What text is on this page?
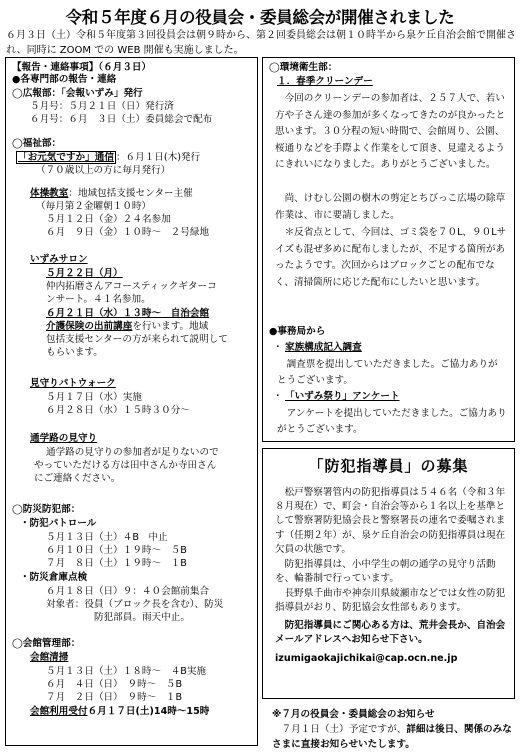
令和５年度６月の役員会・委員総会が開催されました
６月３日（土）令和５年度第３回役員会は朝９時から、第２回委員総会は朝１０時半から泉ケ丘自治会館で開催され、同時に ZOOM での WEB 開催も実施しました。
【報告・連絡事項】（６月３日）
●各専門部の報告・連絡
◯広報部：「会報いずみ」発行
５月号：５月２１日（日）発行済
６月号：６月　３日（土）委員総会で配布
◯福祉部：
「お元気ですか」通信 ：６月１日(木)発行
（７０歳以上の方に毎月発行）
体操教室：地域包括支援センター主催
（毎月第２金曜朝１０時）
５月１２日（金）２４名参加
６月　９日（金）１０時～　２号緑地
いずみサロン
５月２２日（月）
仲内拓磨さんアコースティックギターコ
ンサート。４１名参加。
６月２１日（水）１３時～　自治会館
介護保険の出前講座を行います。地域
包括支援センターの方が来られて説明して
もらいます。
見守りパトウォーク
５月１７日（水）実施
６月２８日（水）１５時３０分～
通学路の見守り
通学路の見守りの参加者が足りないので
やっていただける方は田中さんか寺田さん
にご連絡ください。
◯防災防犯部：
・防犯パトロール
５月１３日（土）４B　中止
６月１０日（土）１９時～　５B
７月　８日（土）１９時～　１B
・防災倉庫点検
６月１８日（日）９：４０会館前集合
対象者：役員（ブロック長を含む）、防災
防犯部員。雨天中止。
◯会館管理部：
会館清掃
５月１３日（土）１８時～　４B実施
６月　４日（日）　９時～　５B
７月　２日（日）　９時～　１B
会館利用受付６月１７日(土)14時～15時
◯環境衛生部：
１．春季クリーンデー
今回のクリーンデーの参加者は、２５７人で、若い方や子さん達の参加が多くなってきたのが良かったと思います。３０分程の短い時間で、会館周り、公園、桜通りなどを手際よく作業をして頂き、見違えるようにきれいになりました。ありがとうございました。
尚、けむし公園の樹木の剪定とちびっこ広場の除草作業は、市に要請しました。
＊反省点として、今回は、ゴミ袋を７０L、９０Lサイズも混ぜ多めに配布しましたが、不足する箇所があったようです。次回からはブロックごとの配布でなく、清掃箇所に応じた配布にしたいと思います。
●事務局から
・ 家族構成記入調査
調査票を提出していただきました。ご協力ありがとうございます。
・ 「いずみ祭り」アンケート
アンケートを提出していただきました。ご協力ありがとうございます。
「防犯指導員」の募集
松戸警察署管内の防犯指導員は５４６名（令和３年８月現在）で、町会・自治会等から１名以上を基準として警察署防犯協会長と警察署長の連名で委嘱されます（任期２年）が、泉ケ丘自治会の防犯指導員は現在欠員の状態です。
防犯指導員は、小中学生の朝の通学の見守り活動を、輪番制で行っています。
長野県千曲市や神奈川県綾瀬市などでは女性の防犯指導員がおり、防犯協会女性部もあります。
防犯指導員にご関心ある方は、荒井会長か、自治会メールアドレスへお知らせ下さい。
izumigaokajichikai@cap.ocn.ne.jp
※７月の役員会・委員総会のお知らせ
７月１日（土）予定ですが、詳細は後日、関係のみなさまに直接お知らせいたします。
